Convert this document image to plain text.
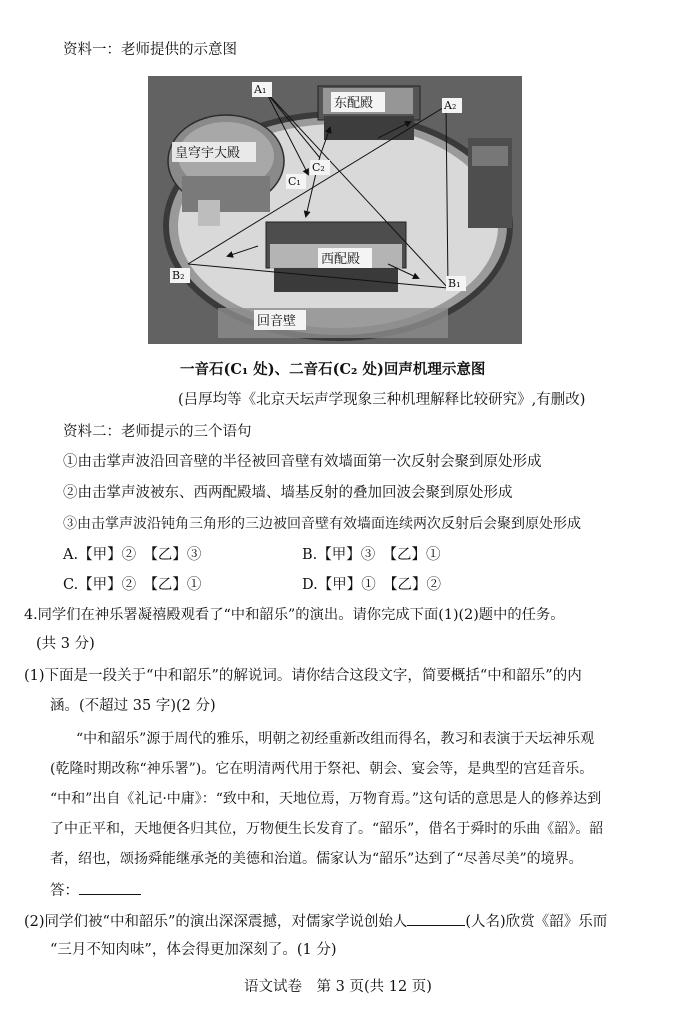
资料一：老师提供的示意图
东配殿
皇穹宇大殿
西配殿
回音壁
A₁
A₂
B₁
B₂
C₁
C₂
一音石(C₁ 处)、二音石(C₂ 处)回声机理示意图
(吕厚均等《北京天坛声学现象三种机理解释比较研究》,有删改)
资料二：老师提示的三个语句
①由击掌声波沿回音壁的半径被回音壁有效墙面第一次反射会聚到原处形成
②由击掌声波被东、西两配殿墙、墙基反射的叠加回波会聚到原处形成
③由击掌声波沿钝角三角形的三边被回音壁有效墙面连续两次反射后会聚到原处形成
A.【甲】②　【乙】③	B.【甲】③　【乙】①
C.【甲】②　【乙】①	D.【甲】①　【乙】②
4.同学们在神乐署凝禧殿观看了“中和韶乐”的演出。请你完成下面(1)(2)题中的任务。
(共 3 分)
(1)下面是一段关于“中和韶乐”的解说词。请你结合这段文字，简要概括“中和韶乐”的内
涵。(不超过 35 字)(2 分)
“中和韶乐”源于周代的雅乐，明朝之初经重新改组而得名，教习和表演于天坛神乐观
(乾隆时期改称“神乐署”)。它在明清两代用于祭祀、朝会、宴会等，是典型的宫廷音乐。
“中和”出自《礼记·中庸》：“致中和，天地位焉，万物育焉。”这句话的意思是人的修养达到
了中正平和，天地便各归其位，万物便生长发育了。“韶乐”，借名于舜时的乐曲《韶》。韶
者，绍也，颂扬舜能继承尧的美德和治道。儒家认为“韶乐”达到了“尽善尽美”的境界。
答：
(2)同学们被“中和韶乐”的演出深深震撼，对儒家学说创始人	(人名)欣赏《韶》乐而
“三月不知肉味”，体会得更加深刻了。(1 分)
语文试卷　第 3 页(共 12 页)
